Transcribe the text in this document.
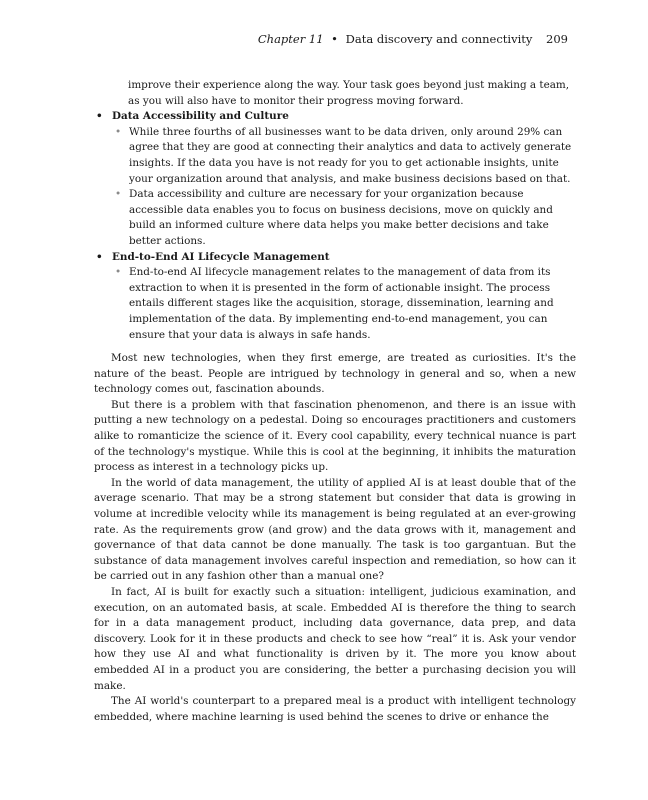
Chapter 11 • Data discovery and connectivity 209

improve their experience along the way. Your task goes beyond just making a team, as you will also have to monitor their progress moving forward.

• Data Accessibility and Culture
• While three fourths of all businesses want to be data driven, only around 29% can agree that they are good at connecting their analytics and data to actively generate insights. If the data you have is not ready for you to get actionable insights, unite your organization around that analysis, and make business decisions based on that.
• Data accessibility and culture are necessary for your organization because accessible data enables you to focus on business decisions, move on quickly and build an informed culture where data helps you make better decisions and take better actions.
• End-to-End AI Lifecycle Management
• End-to-end AI lifecycle management relates to the management of data from its extraction to when it is presented in the form of actionable insight. The process entails different stages like the acquisition, storage, dissemination, learning and implementation of the data. By implementing end-to-end management, you can ensure that your data is always in safe hands.

Most new technologies, when they first emerge, are treated as curiosities. It's the nature of the beast. People are intrigued by technology in general and so, when a new technology comes out, fascination abounds.

But there is a problem with that fascination phenomenon, and there is an issue with putting a new technology on a pedestal. Doing so encourages practitioners and customers alike to romanticize the science of it. Every cool capability, every technical nuance is part of the technology's mystique. While this is cool at the beginning, it inhibits the maturation process as interest in a technology picks up.

In the world of data management, the utility of applied AI is at least double that of the average scenario. That may be a strong statement but consider that data is growing in volume at incredible velocity while its management is being regulated at an ever-growing rate. As the requirements grow (and grow) and the data grows with it, management and governance of that data cannot be done manually. The task is too gargantuan. But the substance of data management involves careful inspection and remediation, so how can it be carried out in any fashion other than a manual one?

In fact, AI is built for exactly such a situation: intelligent, judicious examination, and execution, on an automated basis, at scale. Embedded AI is therefore the thing to search for in a data management product, including data governance, data prep, and data discovery. Look for it in these products and check to see how “real” it is. Ask your vendor how they use AI and what functionality is driven by it. The more you know about embedded AI in a product you are considering, the better a purchasing decision you will make.

The AI world's counterpart to a prepared meal is a product with intelligent technology embedded, where machine learning is used behind the scenes to drive or enhance the
